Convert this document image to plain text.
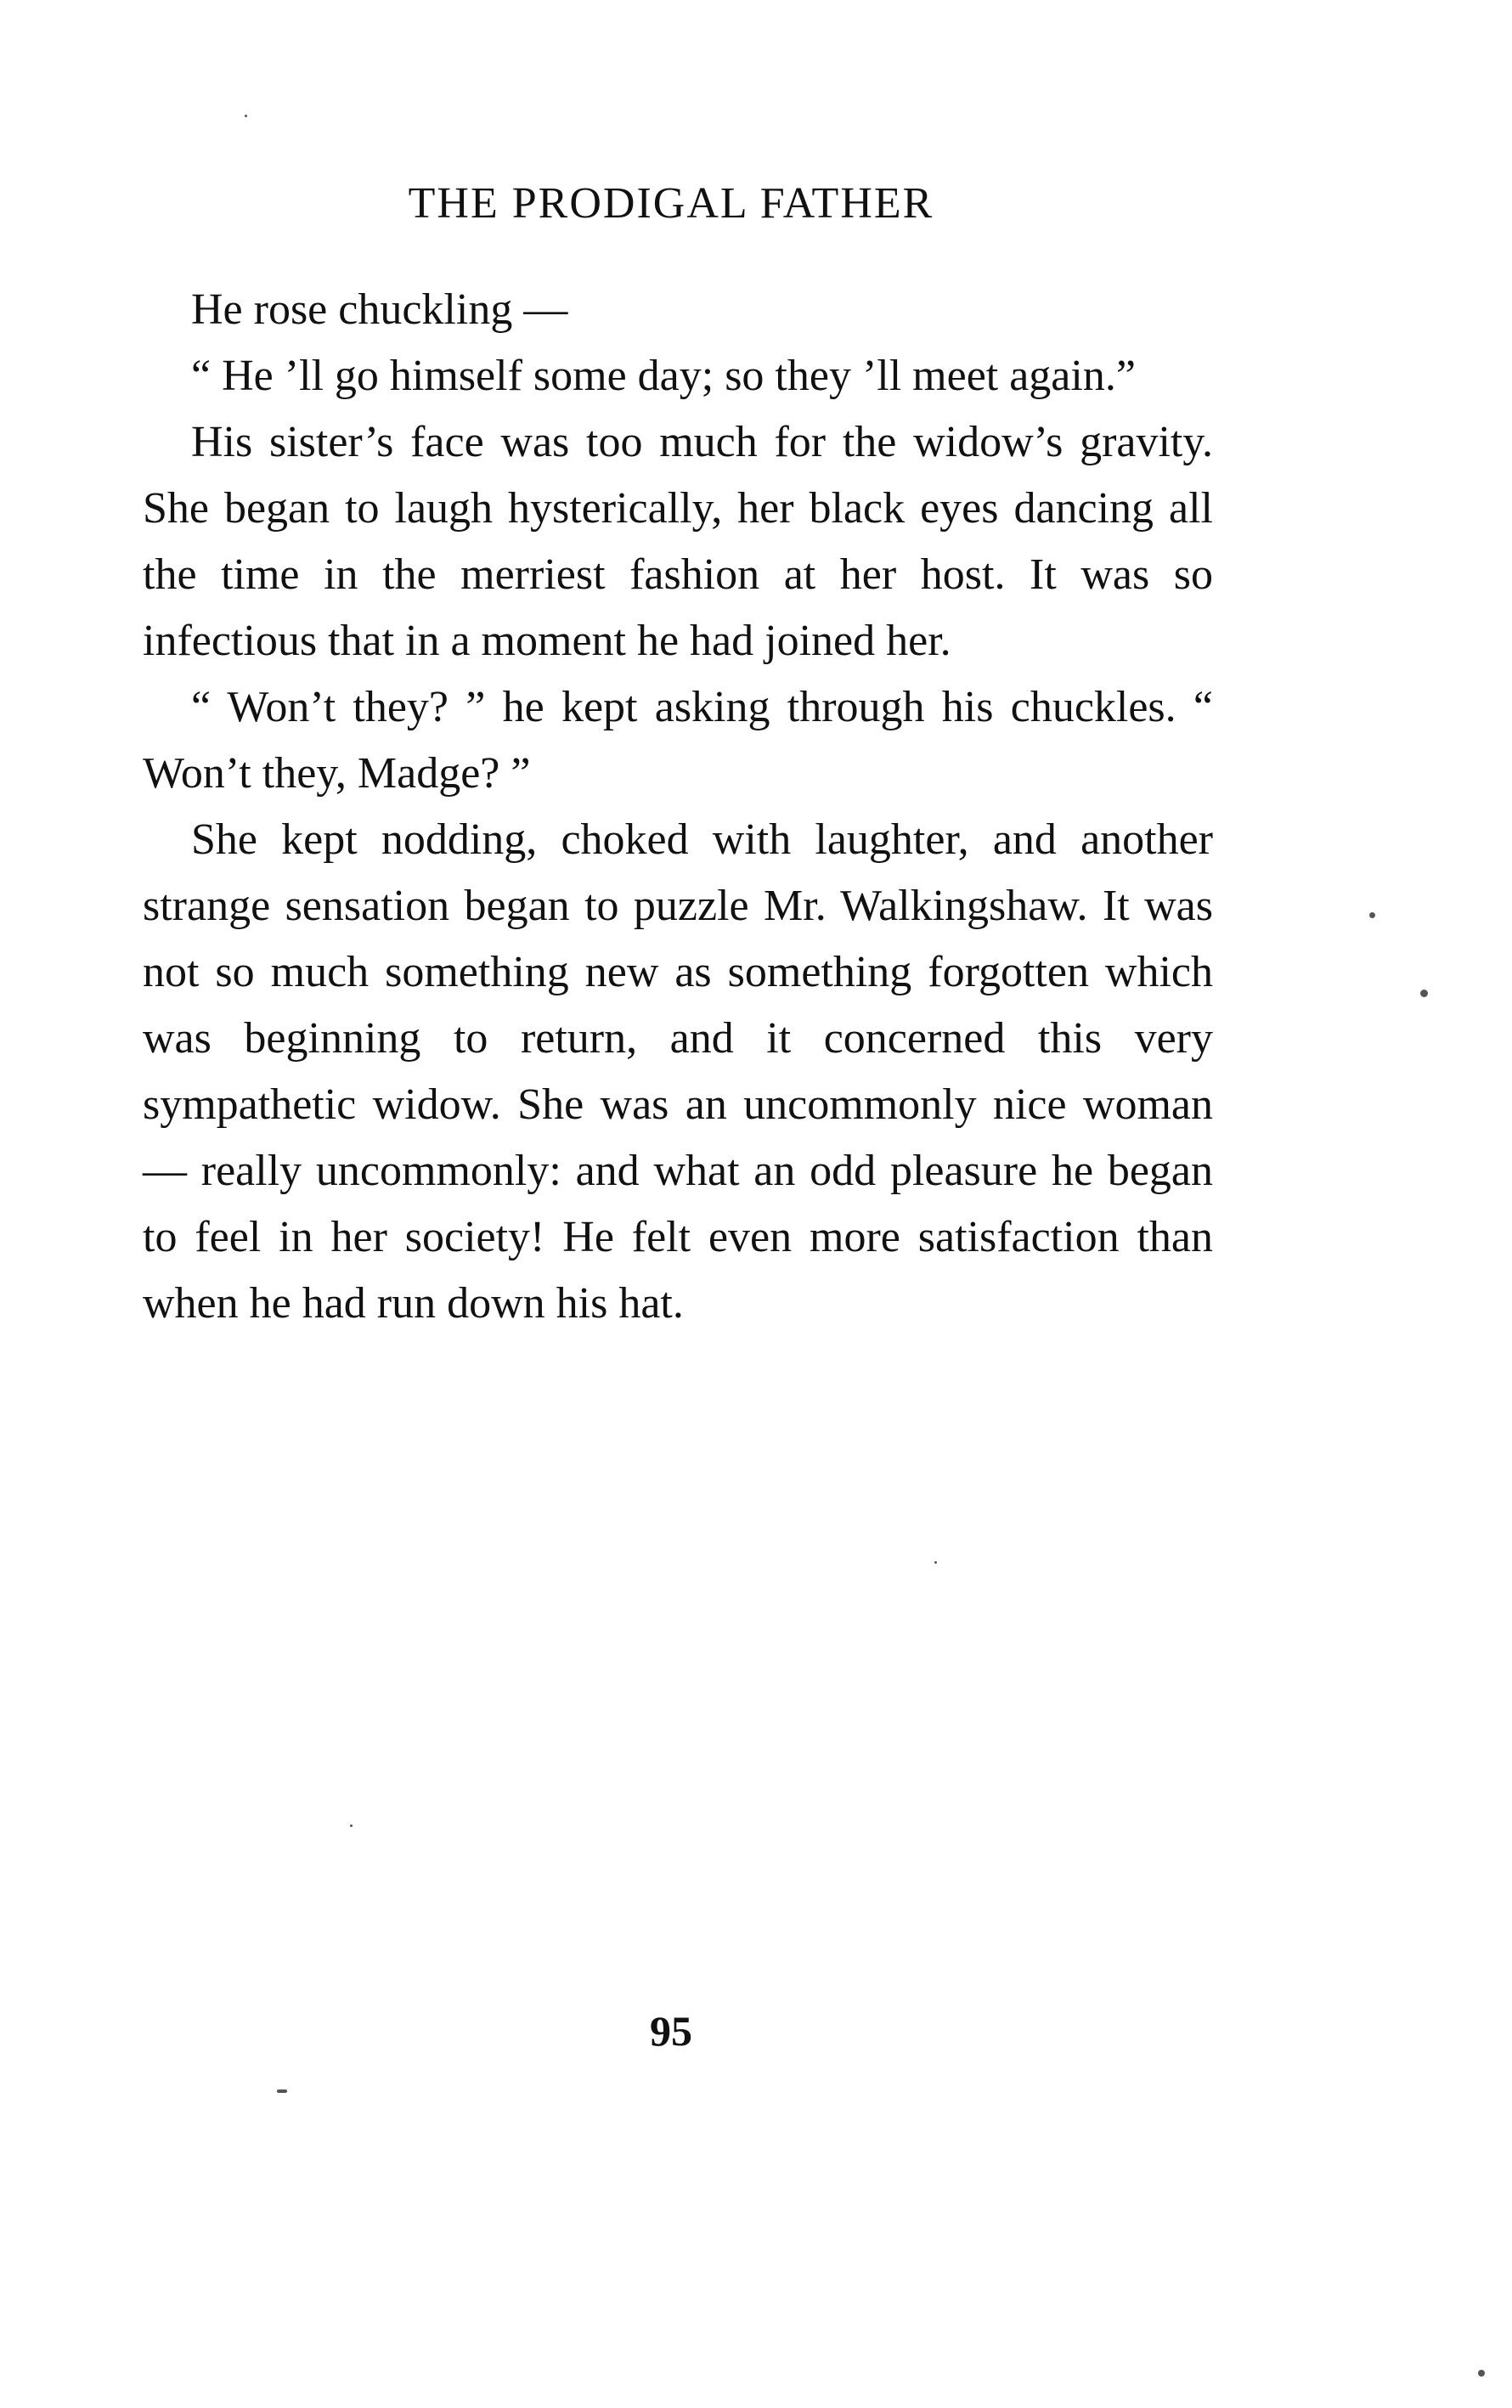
THE PRODIGAL FATHER

He rose chuckling —

“ He ’ll go himself some day; so they ’ll meet again.”

His sister’s face was too much for the widow’s gravity. She began to laugh hysterically, her black eyes dancing all the time in the merriest fashion at her host. It was so infectious that in a moment he had joined her.

“ Won’t they? ” he kept asking through his chuckles. “ Won’t they, Madge? ”

She kept nodding, choked with laughter, and another strange sensation began to puzzle Mr. Walkingshaw. It was not so much something new as something forgotten which was beginning to return, and it concerned this very sympathetic widow. She was an uncommonly nice woman — really uncommonly: and what an odd pleasure he began to feel in her society! He felt even more satisfaction than when he had run down his hat.

95
